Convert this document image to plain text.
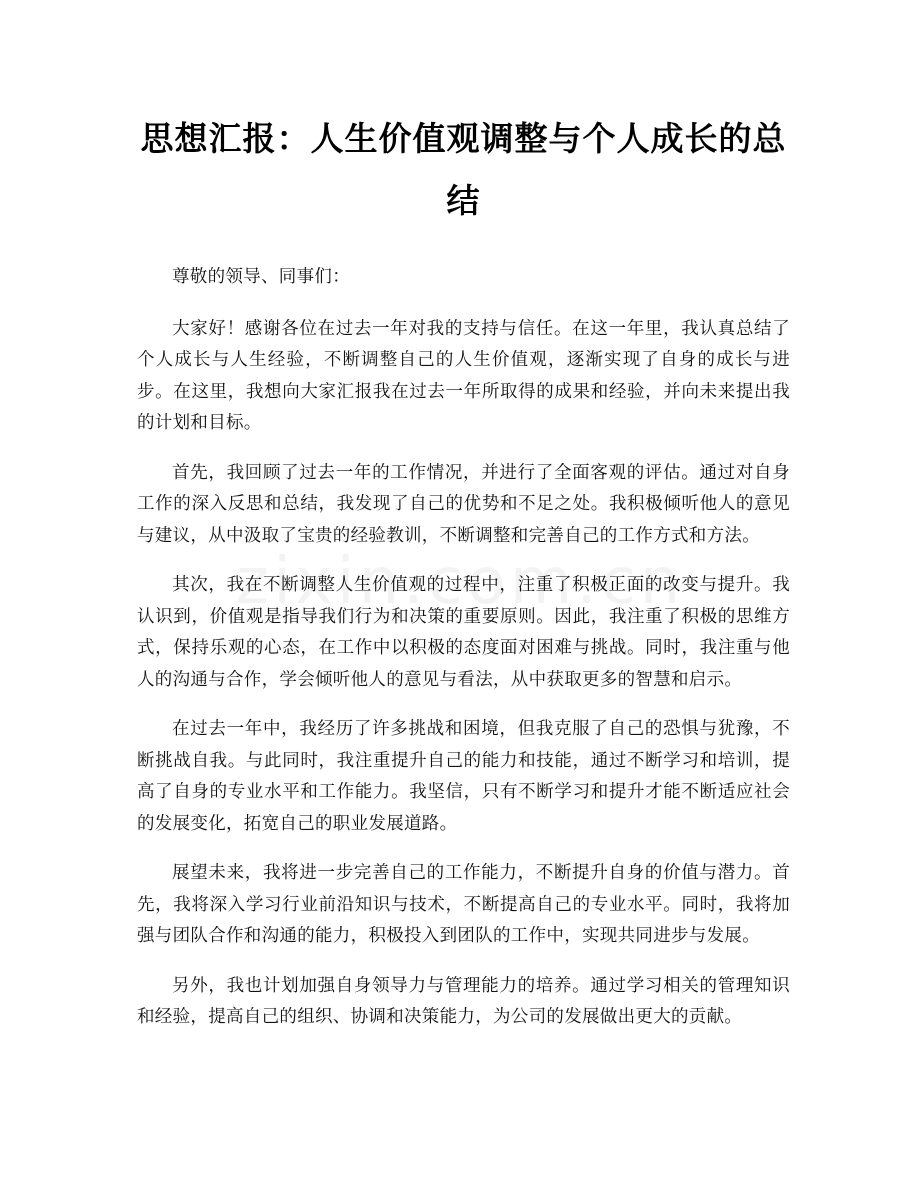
思想汇报：人生价值观调整与个人成长的总结

尊敬的领导、同事们：

大家好！感谢各位在过去一年对我的支持与信任。在这一年里，我认真总结了个人成长与人生经验，不断调整自己的人生价值观，逐渐实现了自身的成长与进步。在这里，我想向大家汇报我在过去一年所取得的成果和经验，并向未来提出我的计划和目标。

首先，我回顾了过去一年的工作情况，并进行了全面客观的评估。通过对自身工作的深入反思和总结，我发现了自己的优势和不足之处。我积极倾听他人的意见与建议，从中汲取了宝贵的经验教训，不断调整和完善自己的工作方式和方法。

其次，我在不断调整人生价值观的过程中，注重了积极正面的改变与提升。我认识到，价值观是指导我们行为和决策的重要原则。因此，我注重了积极的思维方式，保持乐观的心态，在工作中以积极的态度面对困难与挑战。同时，我注重与他人的沟通与合作，学会倾听他人的意见与看法，从中获取更多的智慧和启示。

在过去一年中，我经历了许多挑战和困境，但我克服了自己的恐惧与犹豫，不断挑战自我。与此同时，我注重提升自己的能力和技能，通过不断学习和培训，提高了自身的专业水平和工作能力。我坚信，只有不断学习和提升才能不断适应社会的发展变化，拓宽自己的职业发展道路。

展望未来，我将进一步完善自己的工作能力，不断提升自身的价值与潜力。首先，我将深入学习行业前沿知识与技术，不断提高自己的专业水平。同时，我将加强与团队合作和沟通的能力，积极投入到团队的工作中，实现共同进步与发展。

另外，我也计划加强自身领导力与管理能力的培养。通过学习相关的管理知识和经验，提高自己的组织、协调和决策能力，为公司的发展做出更大的贡献。
